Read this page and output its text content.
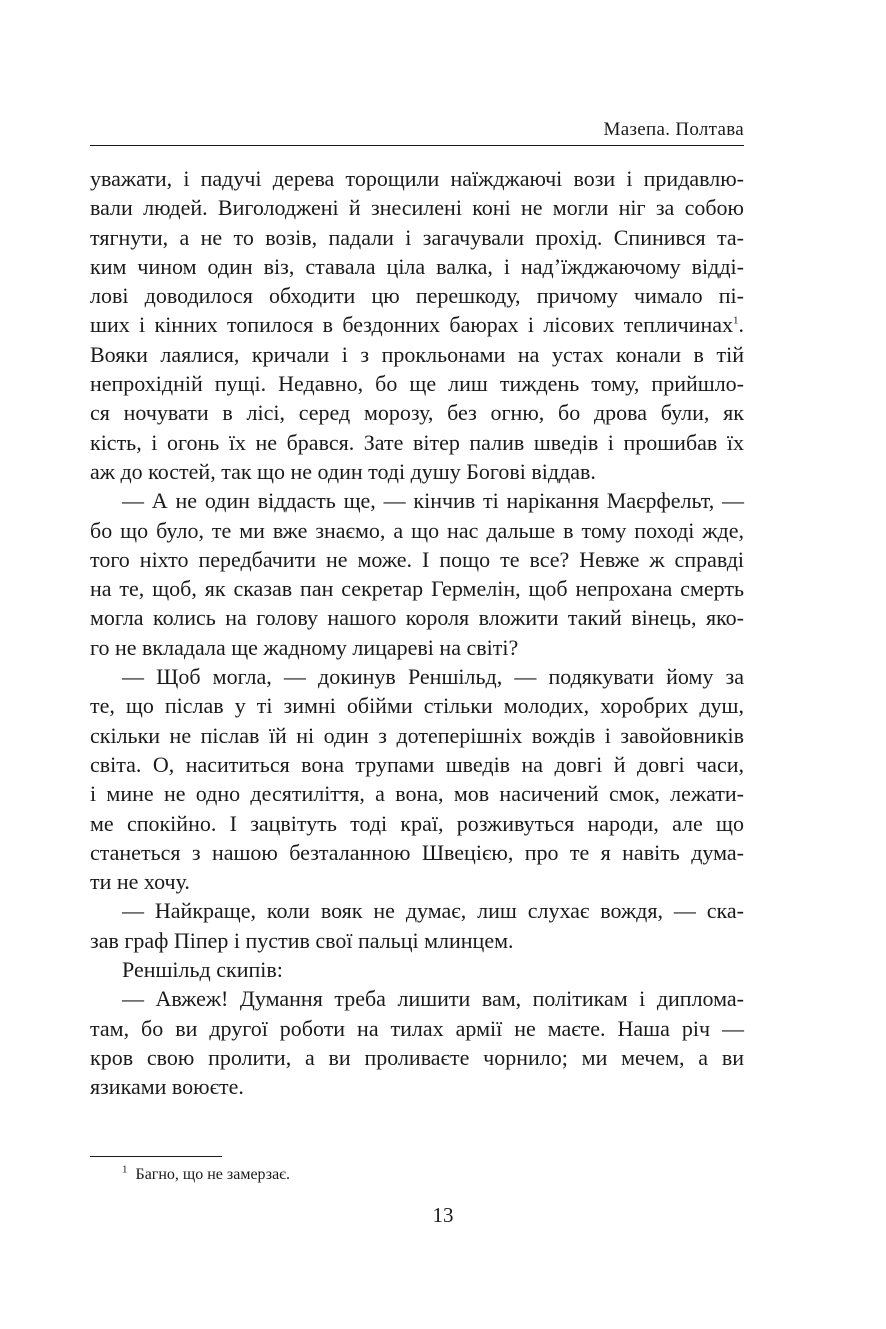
Мазепа. Полтава
уважати, і падучі дерева торощили наїжджаючі вози і придавлю-
вали людей. Виголоджені й знесилені коні не могли ніг за собою
тягнути, а не то возів, падали і загачували прохід. Спинився та-
ким чином один віз, ставала ціла валка, і над’їжджаючому відді-
лові доводилося обходити цю перешкоду, причому чимало пі-
ших і кінних топилося в бездонних баюрах і лісових тепличинах$^1$.
Вояки лаялися, кричали і з прокльонами на устах конали в тій
непрохідній пущі. Недавно, бо ще лиш тиждень тому, прийшло-
ся ночувати в лісі, серед морозу, без огню, бо дрова були, як
кість, і огонь їх не брався. Зате вітер палив шведів і прошибав їх
аж до костей, так що не один тоді душу Богові віддав.
— А не один віддасть ще, — кінчив ті нарікання Маєрфельт, —
бо що було, те ми вже знаємо, а що нас дальше в тому поході жде,
того ніхто передбачити не може. І пощо те все? Невже ж справді
на те, щоб, як сказав пан секретар Гермелін, щоб непрохана смерть
могла колись на голову нашого короля вложити такий вінець, яко-
го не вкладала ще жадному лицареві на світі?
— Щоб могла, — докинув Реншільд, — подякувати йому за
те, що післав у ті зимні обійми стільки молодих, хоробрих душ,
скільки не післав їй ні один з дотеперішніх вождів і завойовників
світа. О, насититься вона трупами шведів на довгі й довгі часи,
і мине не одно десятиліття, а вона, мов насичений смок, лежати-
ме спокійно. І зацвітуть тоді краї, розживуться народи, але що
станеться з нашою безталанною Швецією, про те я навіть дума-
ти не хочу.
— Найкраще, коли вояк не думає, лиш слухає вождя, — ска-
зав граф Піпер і пустив свої пальці млинцем.
Реншільд скипів:
— Авжеж! Думання треба лишити вам, політикам і диплома-
там, бо ви другої роботи на тилах армії не маєте. Наша річ —
кров свою пролити, а ви проливаєте чорнило; ми мечем, а ви
язиками воюєте.
$^1$ Багно, що не замерзає.
13
